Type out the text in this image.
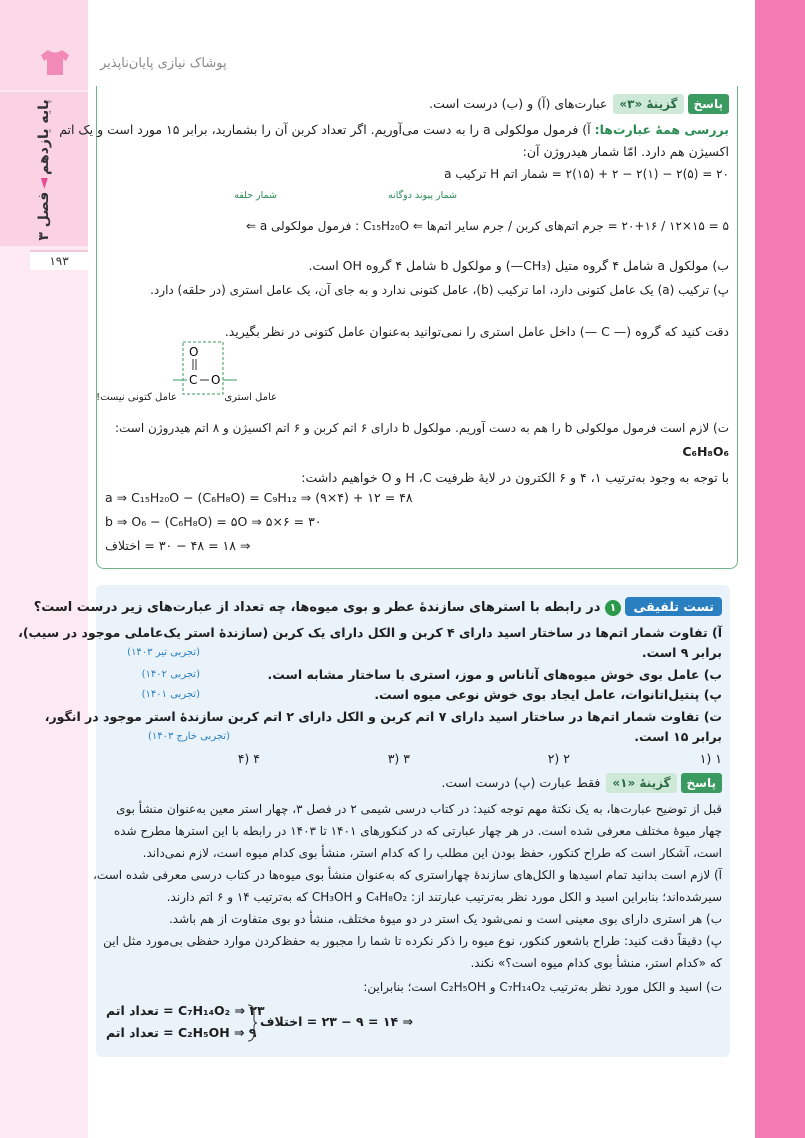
پایه یازدهم◄فصل ۳
۱۹۳
پوشاک نیازی پایان‌ناپذیر
پاسخگزینۀ «۳»عبارت‌های (آ) و (ب) درست است.
بررسی همۀ عبارت‌ها: آ) فرمول مولکولی a را به دست می‌آوریم. اگر تعداد کربن آن را بشمارید، برابر ۱۵ مورد است و یک اتم
اکسیژن هم دارد. امّا شمار هیدروژن آن:
۲۰ = (۵)۲ − (۱)۲ − ۲ + (۱۵)۲ = شمار اتم H ترکیب a
شمار پیوند دوگانه
شمار حلقه
۵ = ۱۵×۱۲ / ۲۰+۱۶ = جرم اتم‌های کربن / جرم سایر اتم‌ها ⇐ C₁₅H₂₀O : فرمول مولکولی a ⇐
ب) مولکول a شامل ۴ گروه متیل (CH₃—) و مولکول b شامل ۴ گروه OH است.
پ) ترکیب (a) یک عامل کتونی دارد، اما ترکیب (b)، عامل کتونی ندارد و به جای آن، یک عامل استری (در حلقه) دارد.
دقت کنید که گروه (— C —) داخل عامل استری را نمی‌توانید به‌عنوان عامل کتونی در نظر بگیرید.
O
C O
عامل استری
عامل کتونی نیست!
ت) لازم است فرمول مولکولی b را هم به دست آوریم. مولکول b دارای ۶ اتم کربن و ۶ اتم اکسیژن و ۸ اتم هیدروژن است:
C₆H₈O₆
با توجه به وجود به‌ترتیب ۱، ۴ و ۶ الکترون در لایۀ ظرفیت H ،C و O خواهیم داشت:
a ⇒ C₁₅H₂₀O − (C₆H₈O) = C₉H₁₂ ⇒ (۹×۴) + ۱۲ = ۴۸
b ⇒ O₆ − (C₆H₈O) = ۵O ⇒ ۵×۶ = ۳۰
⇒ ۱۸ = ۴۸ − ۳۰ = اختلاف
تست تلفیقی ۱ در رابطه با استرهای سازندۀ عطر و بوی میوه‌ها، چه تعداد از عبارت‌های زیر درست است؟
آ) تفاوت شمار اتم‌ها در ساختار اسید دارای ۴ کربن و الکل دارای یک کربن (سازندۀ استر یک‌عاملی موجود در سیب)،
برابر ۹ است.
(تجربی تیر ۱۴۰۳)
ب) عامل بوی خوش میوه‌های آناناس و موز، استری با ساختار مشابه است.
(تجربی ۱۴۰۲)
پ) پنتیل‌اتانوات، عامل ایجاد بوی خوش نوعی میوه است.
(تجربی ۱۴۰۱)
ت) تفاوت شمار اتم‌ها در ساختار اسید دارای ۷ اتم کربن و الکل دارای ۲ اتم کربن سازندۀ استر موجود در انگور،
برابر ۱۵ است.
(تجربی خارج ۱۴۰۳)
۱ (۱
۲ (۲
۳ (۳
۴ (۴
پاسخگزینۀ «۱»فقط عبارت (پ) درست است.
قبل از توضیح عبارت‌ها، به یک نکتۀ مهم توجه کنید: در کتاب درسی شیمی ۲ در فصل ۳، چهار استر معین به‌عنوان منشأ بوی
چهار میوۀ مختلف معرفی شده است. در هر چهار عبارتی که در کنکورهای ۱۴۰۱ تا ۱۴۰۳ در رابطه با این استرها مطرح شده
است، آشکار است که طراح کنکور، حفظ بودن این مطلب را که کدام استر، منشأ بوی کدام میوه است، لازم نمی‌داند.
آ) لازم است بدانید تمام اسیدها و الکل‌های سازندۀ چهاراستری که به‌عنوان منشأ بوی میوه‌ها در کتاب درسی معرفی شده است،
سیرشده‌اند؛ بنابراین اسید و الکل مورد نظر به‌ترتیب عبارتند از: C₄H₈O₂ و CH₃OH که به‌ترتیب ۱۴ و ۶ اتم دارند.
ب) هر استری دارای بوی معینی است و نمی‌شود یک استر در دو میوۀ مختلف، منشأ دو بوی متفاوت از هم باشد.
پ) دقیقاً دقت کنید: طراح باشعور کنکور، نوع میوه را ذکر نکرده تا شما را مجبور به حفظ‌کردن موارد حفظی بی‌مورد مثل این
که «کدام استر، منشأ بوی کدام میوه است؟» نکند.
ت) اسید و الکل مورد نظر به‌ترتیب C₇H₁₄O₂ و C₂H₅OH است؛ بنابراین:
C₇H₁₄O₂ ⇒ ۲۳ = تعداد اتم
C₂H₅OH ⇒ ۹ = تعداد اتم
⇒ ۱۴ = ۹ − ۲۳ = اختلاف
